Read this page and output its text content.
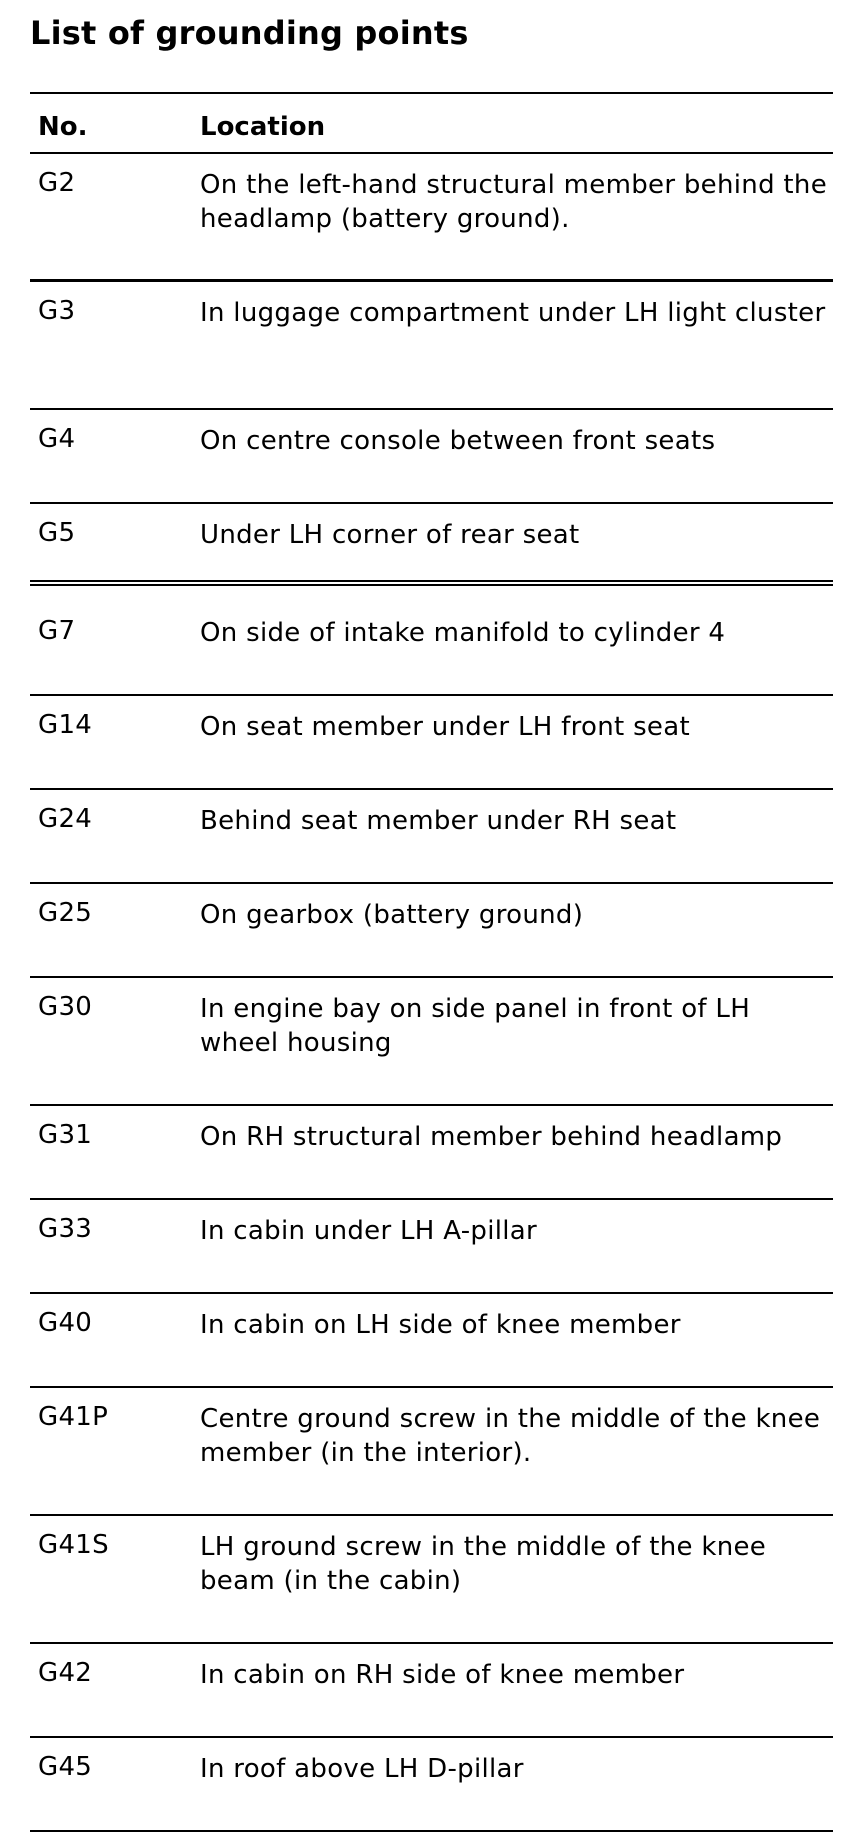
List of grounding points
No.	Location
G2	On the left-hand structural member behind the headlamp (battery ground).
G3	In luggage compartment under LH light cluster
G4	On centre console between front seats
G5	Under LH corner of rear seat
G7	On side of intake manifold to cylinder 4
G14	On seat member under LH front seat
G24	Behind seat member under RH seat
G25	On gearbox (battery ground)
G30	In engine bay on side panel in front of LH wheel housing
G31	On RH structural member behind headlamp
G33	In cabin under LH A-pillar
G40	In cabin on LH side of knee member
G41P	Centre ground screw in the middle of the knee member (in the interior).
G41S	LH ground screw in the middle of the knee beam (in the cabin)
G42	In cabin on RH side of knee member
G45	In roof above LH D-pillar
